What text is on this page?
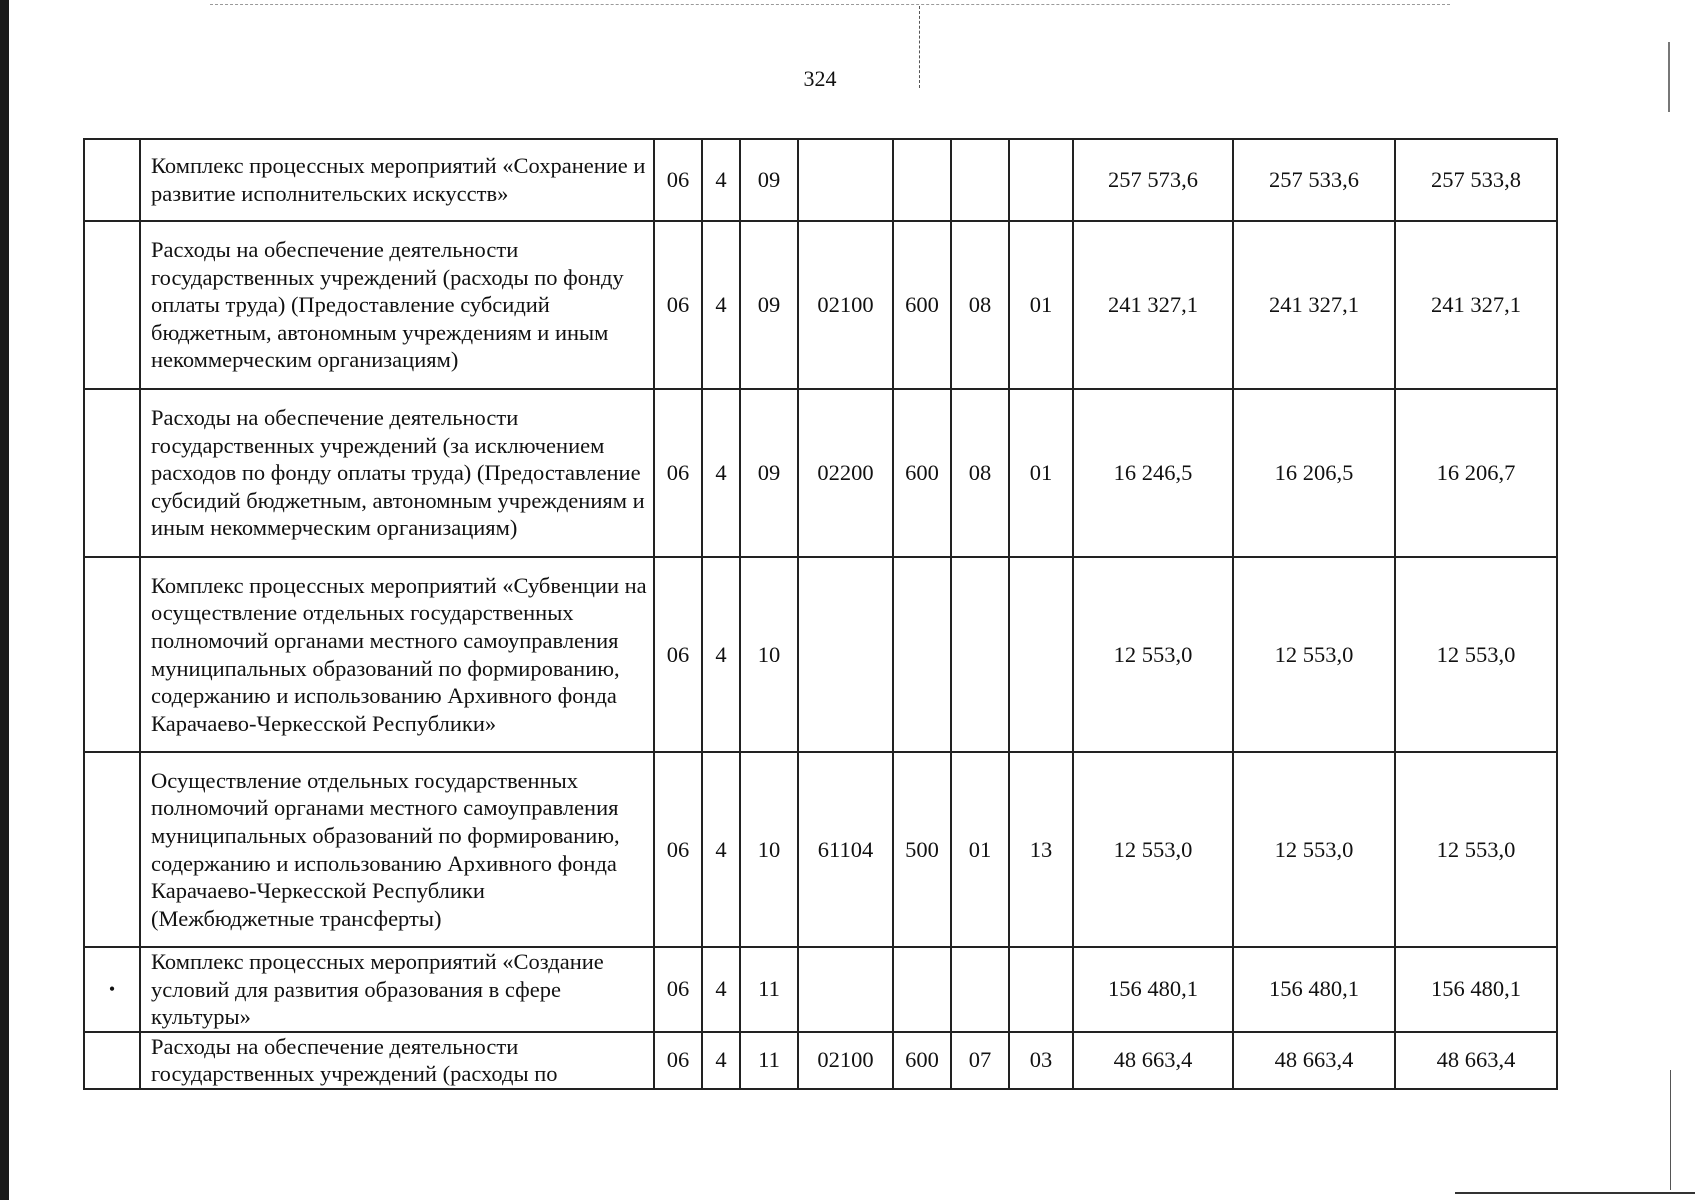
324
	Комплекс процессных мероприятий «Сохранение и развитие исполнительских искусств»	06	4	09					257 573,6	257 533,6	257 533,8
	Расходы на обеспечение деятельности государственных учреждений (расходы по фонду оплаты труда) (Предоставление субсидий бюджетным, автономным учреждениям и иным некоммерческим организациям)	06	4	09	02100	600	08	01	241 327,1	241 327,1	241 327,1
	Расходы на обеспечение деятельности государственных учреждений (за исключением расходов по фонду оплаты труда) (Предоставление субсидий бюджетным, автономным учреждениям и иным некоммерческим организациям)	06	4	09	02200	600	08	01	16 246,5	16 206,5	16 206,7
	Комплекс процессных мероприятий «Субвенции на осуществление отдельных государственных полномочий органами местного самоуправления муниципальных образований по формированию, содержанию и использованию Архивного фонда Карачаево-Черкесской Республики»	06	4	10					12 553,0	12 553,0	12 553,0
	Осуществление отдельных государственных полномочий органами местного самоуправления муниципальных образований по формированию, содержанию и использованию Архивного фонда Карачаево-Черкесской Республики (Межбюджетные трансферты)	06	4	10	61104	500	01	13	12 553,0	12 553,0	12 553,0
•	Комплекс процессных мероприятий «Создание условий для развития образования в сфере культуры»	06	4	11					156 480,1	156 480,1	156 480,1
	Расходы на обеспечение деятельности государственных учреждений (расходы по	06	4	11	02100	600	07	03	48 663,4	48 663,4	48 663,4
